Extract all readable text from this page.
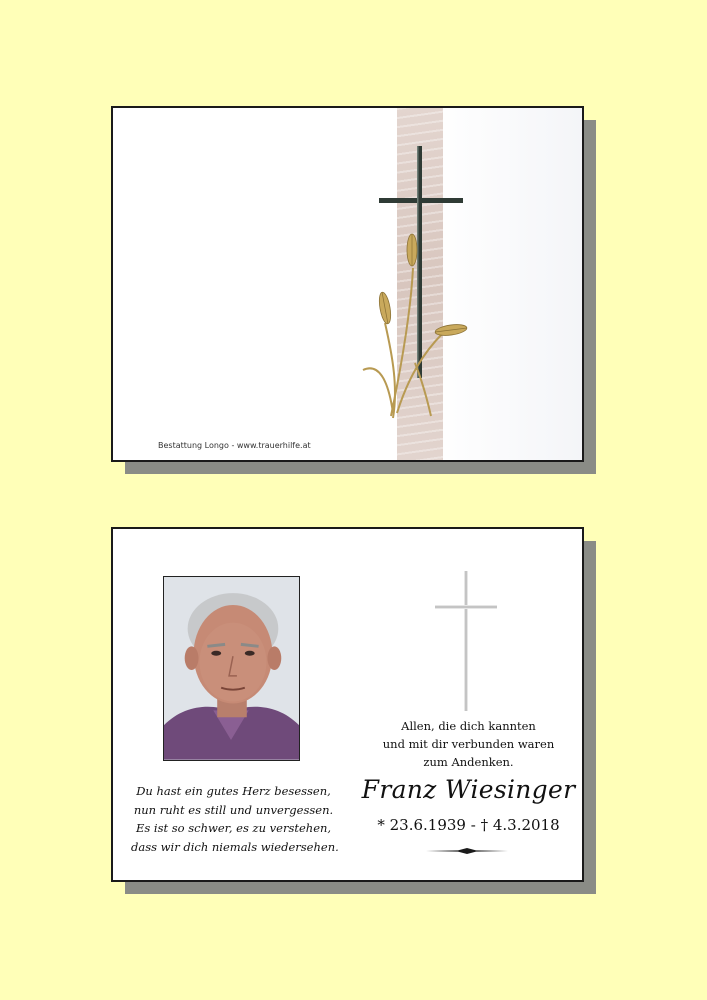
Bestattung Longo - www.trauerhilfe.at
Du hast ein gutes Herz besessen,
nun ruht es still und unvergessen.
Es ist so schwer, es zu verstehen,
dass wir dich niemals wiedersehen.
Allen, die dich kannten
und mit dir verbunden waren
zum Andenken.
Franz Wiesinger
* 23.6.1939 - † 4.3.2018
